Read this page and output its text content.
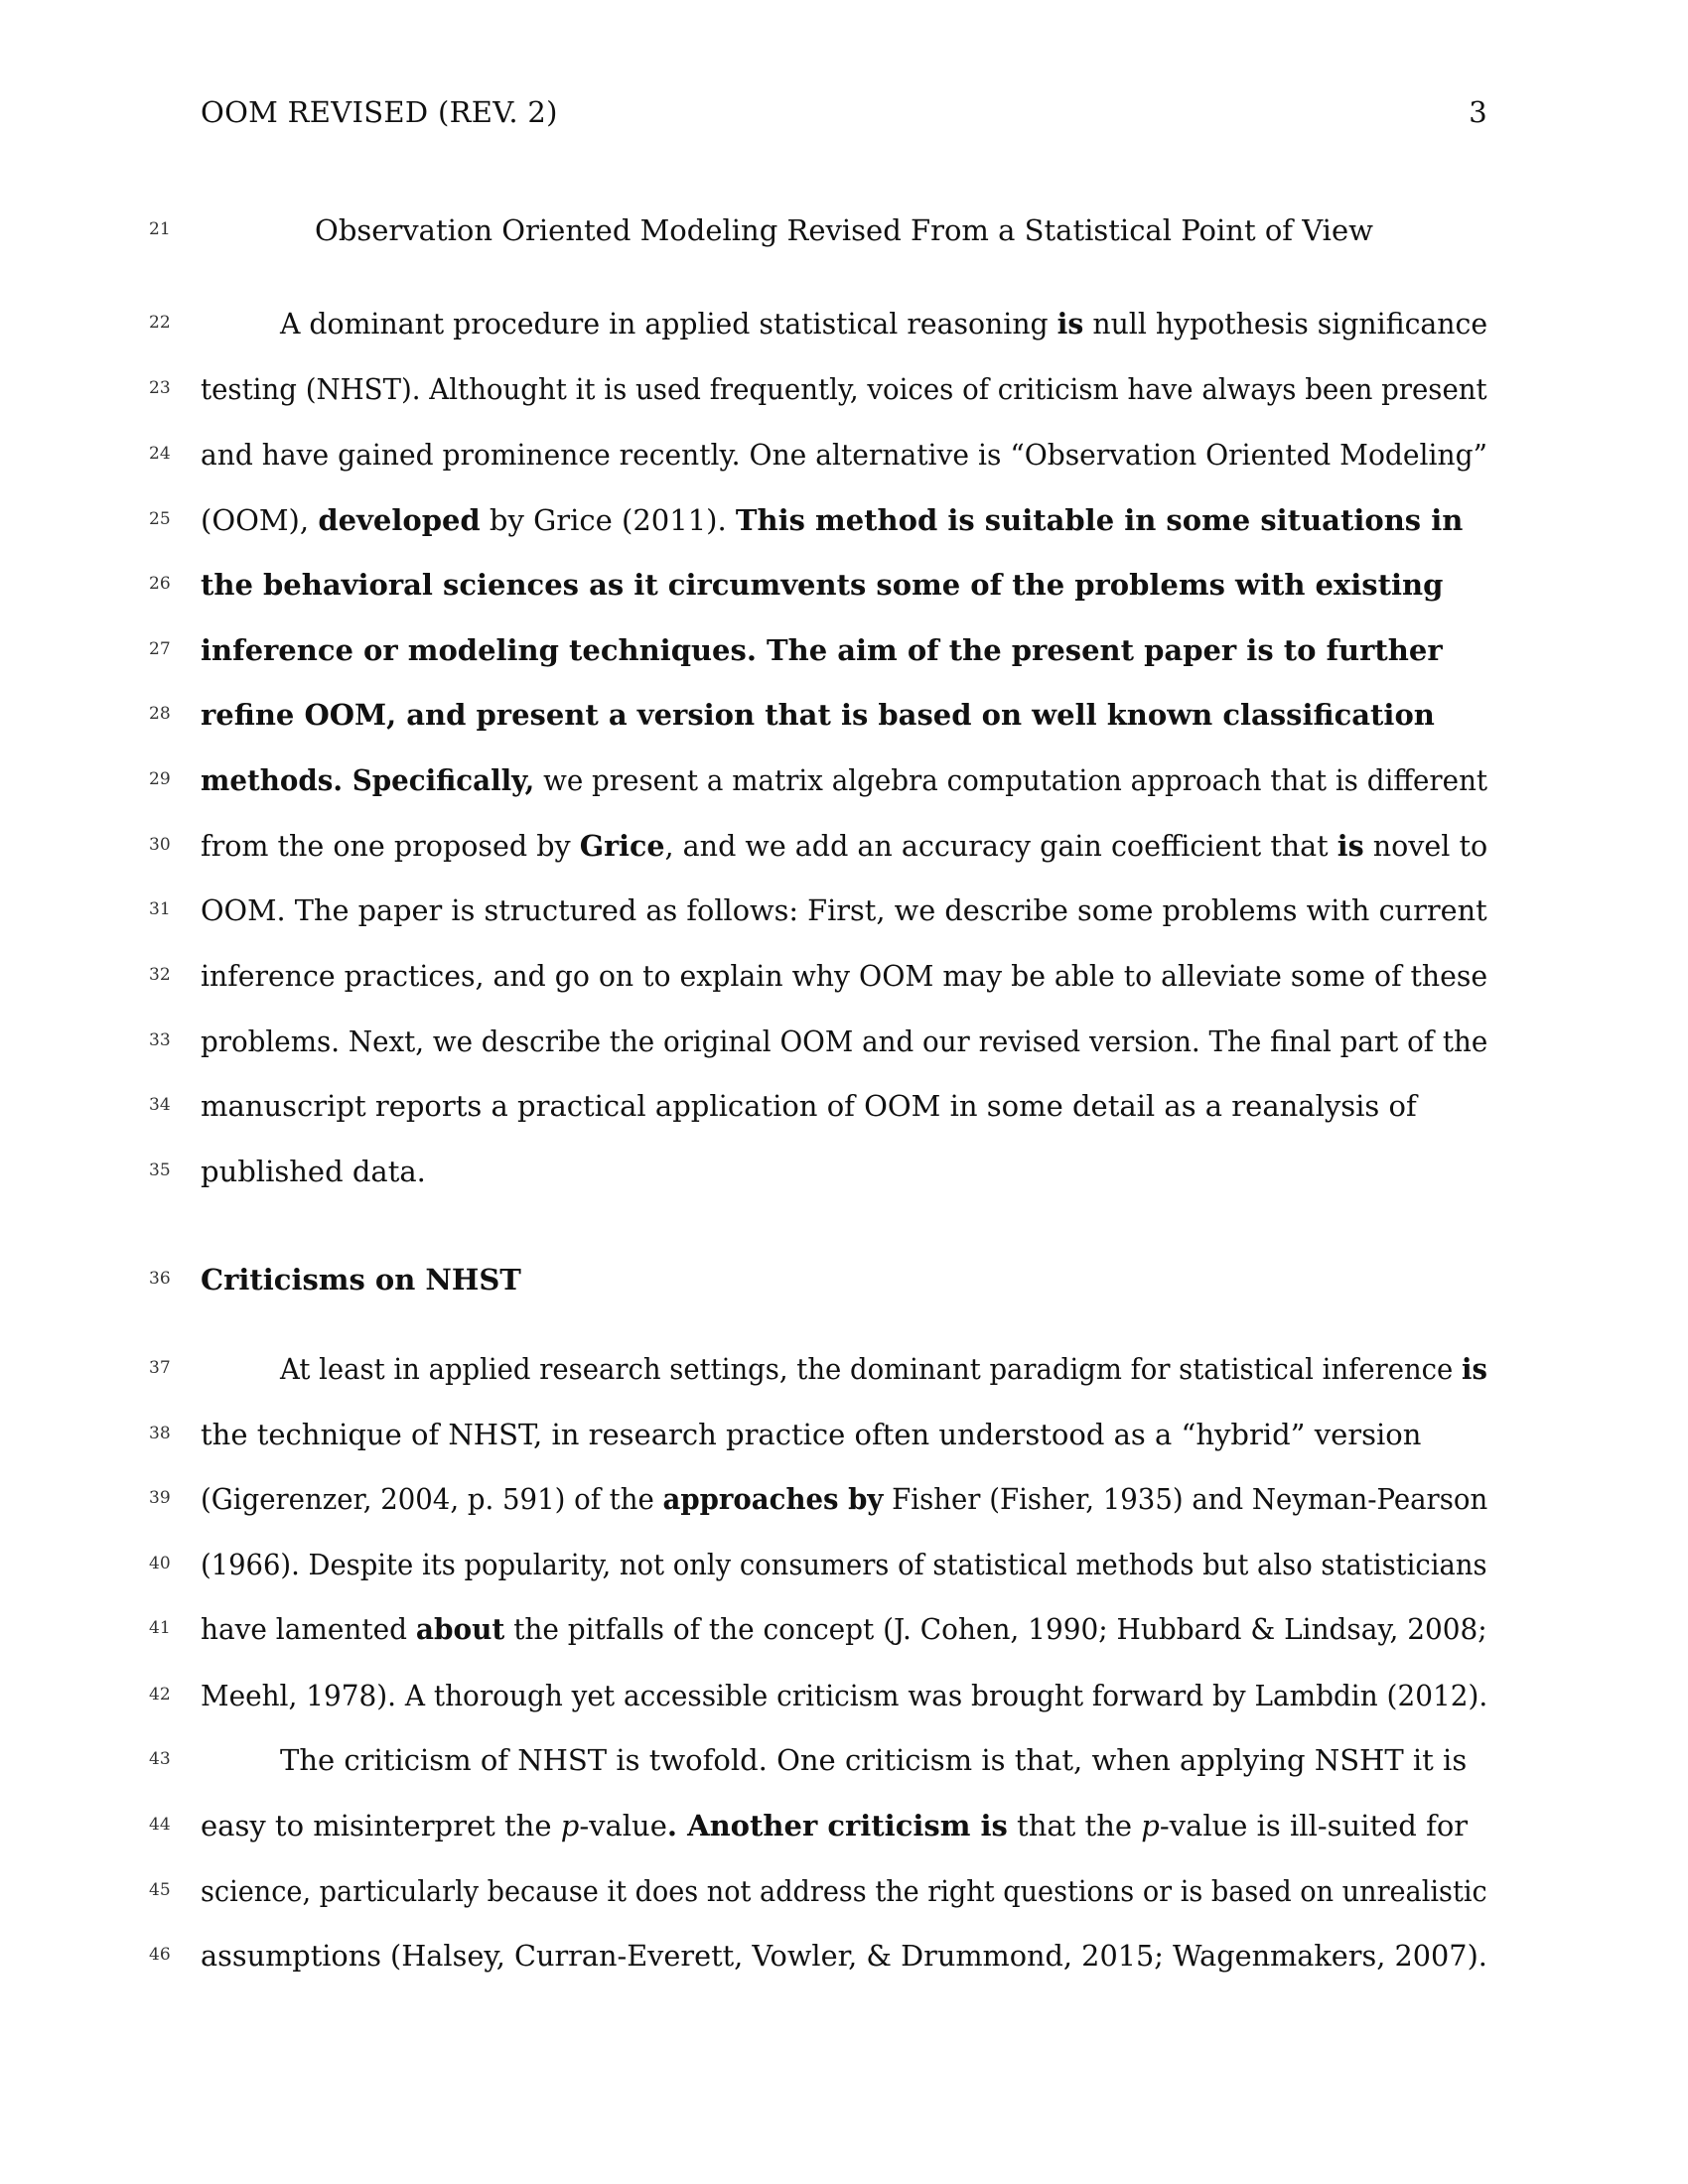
OOM REVISED (REV. 2)	3
21	Observation Oriented Modeling Revised From a Statistical Point of View
22	A dominant procedure in applied statistical reasoning is null hypothesis significance
23 testing (NHST). Althought it is used frequently, voices of criticism have always been present
24 and have gained prominence recently. One alternative is “Observation Oriented Modeling”
25 (OOM), developed by Grice (2011). This method is suitable in some situations in
26 the behavioral sciences as it circumvents some of the problems with existing
27 inference or modeling techniques. The aim of the present paper is to further
28 refine OOM, and present a version that is based on well known classification
29 methods. Specifically, we present a matrix algebra computation approach that is different
30 from the one proposed by Grice, and we add an accuracy gain coefficient that is novel to
31 OOM. The paper is structured as follows: First, we describe some problems with current
32 inference practices, and go on to explain why OOM may be able to alleviate some of these
33 problems. Next, we describe the original OOM and our revised version. The final part of the
34 manuscript reports a practical application of OOM in some detail as a reanalysis of
35 published data.
36 Criticisms on NHST
37	At least in applied research settings, the dominant paradigm for statistical inference is
38 the technique of NHST, in research practice often understood as a “hybrid” version
39 (Gigerenzer, 2004, p. 591) of the approaches by Fisher (Fisher, 1935) and Neyman-Pearson
40 (1966). Despite its popularity, not only consumers of statistical methods but also statisticians
41 have lamented about the pitfalls of the concept (J. Cohen, 1990; Hubbard & Lindsay, 2008;
42 Meehl, 1978). A thorough yet accessible criticism was brought forward by Lambdin (2012).
43	The criticism of NHST is twofold. One criticism is that, when applying NSHT it is
44 easy to misinterpret the p-value. Another criticism is that the p-value is ill-suited for
45 science, particularly because it does not address the right questions or is based on unrealistic
46 assumptions (Halsey, Curran-Everett, Vowler, & Drummond, 2015; Wagenmakers, 2007).
